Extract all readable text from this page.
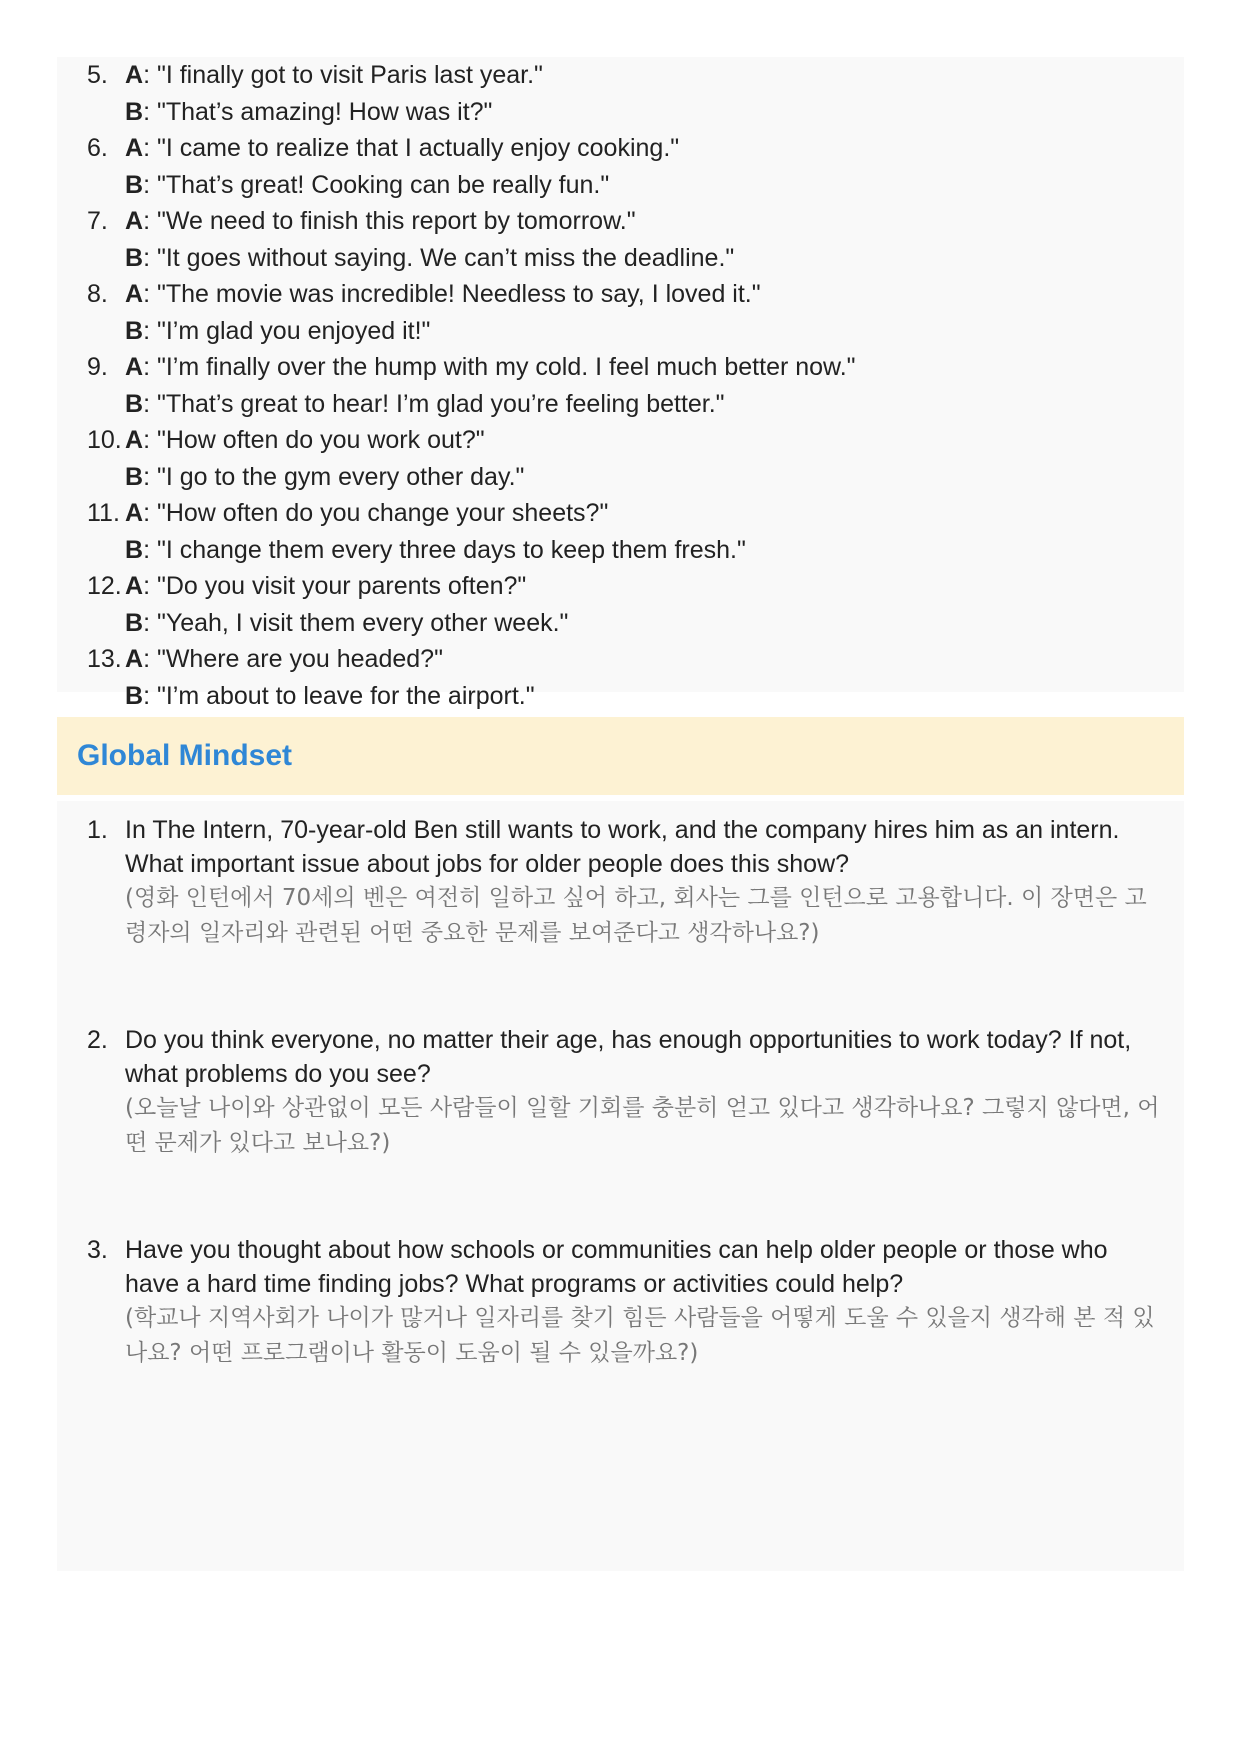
5. A: "I finally got to visit Paris last year."
B: "That’s amazing! How was it?"
6. A: "I came to realize that I actually enjoy cooking."
B: "That’s great! Cooking can be really fun."
7. A: "We need to finish this report by tomorrow."
B: "It goes without saying. We can’t miss the deadline."
8. A: "The movie was incredible! Needless to say, I loved it."
B: "I’m glad you enjoyed it!"
9. A: "I’m finally over the hump with my cold. I feel much better now."
B: "That’s great to hear! I’m glad you’re feeling better."
10. A: "How often do you work out?"
B: "I go to the gym every other day."
11. A: "How often do you change your sheets?"
B: "I change them every three days to keep them fresh."
12. A: "Do you visit your parents often?"
B: "Yeah, I visit them every other week."
13. A: "Where are you headed?"
B: "I’m about to leave for the airport."
Global Mindset
1. In The Intern, 70-year-old Ben still wants to work, and the company hires him as an intern. What important issue about jobs for older people does this show?
(영화 인턴에서 70세의 벤은 여전히 일하고 싶어 하고, 회사는 그를 인턴으로 고용합니다. 이 장면은 고령자의 일자리와 관련된 어떤 중요한 문제를 보여준다고 생각하나요?)
2. Do you think everyone, no matter their age, has enough opportunities to work today? If not, what problems do you see?
(오늘날 나이와 상관없이 모든 사람들이 일할 기회를 충분히 얻고 있다고 생각하나요? 그렇지 않다면, 어떤 문제가 있다고 보나요?)
3. Have you thought about how schools or communities can help older people or those who have a hard time finding jobs? What programs or activities could help?
(학교나 지역사회가 나이가 많거나 일자리를 찾기 힘든 사람들을 어떻게 도울 수 있을지 생각해 본 적 있나요? 어떤 프로그램이나 활동이 도움이 될 수 있을까요?)
